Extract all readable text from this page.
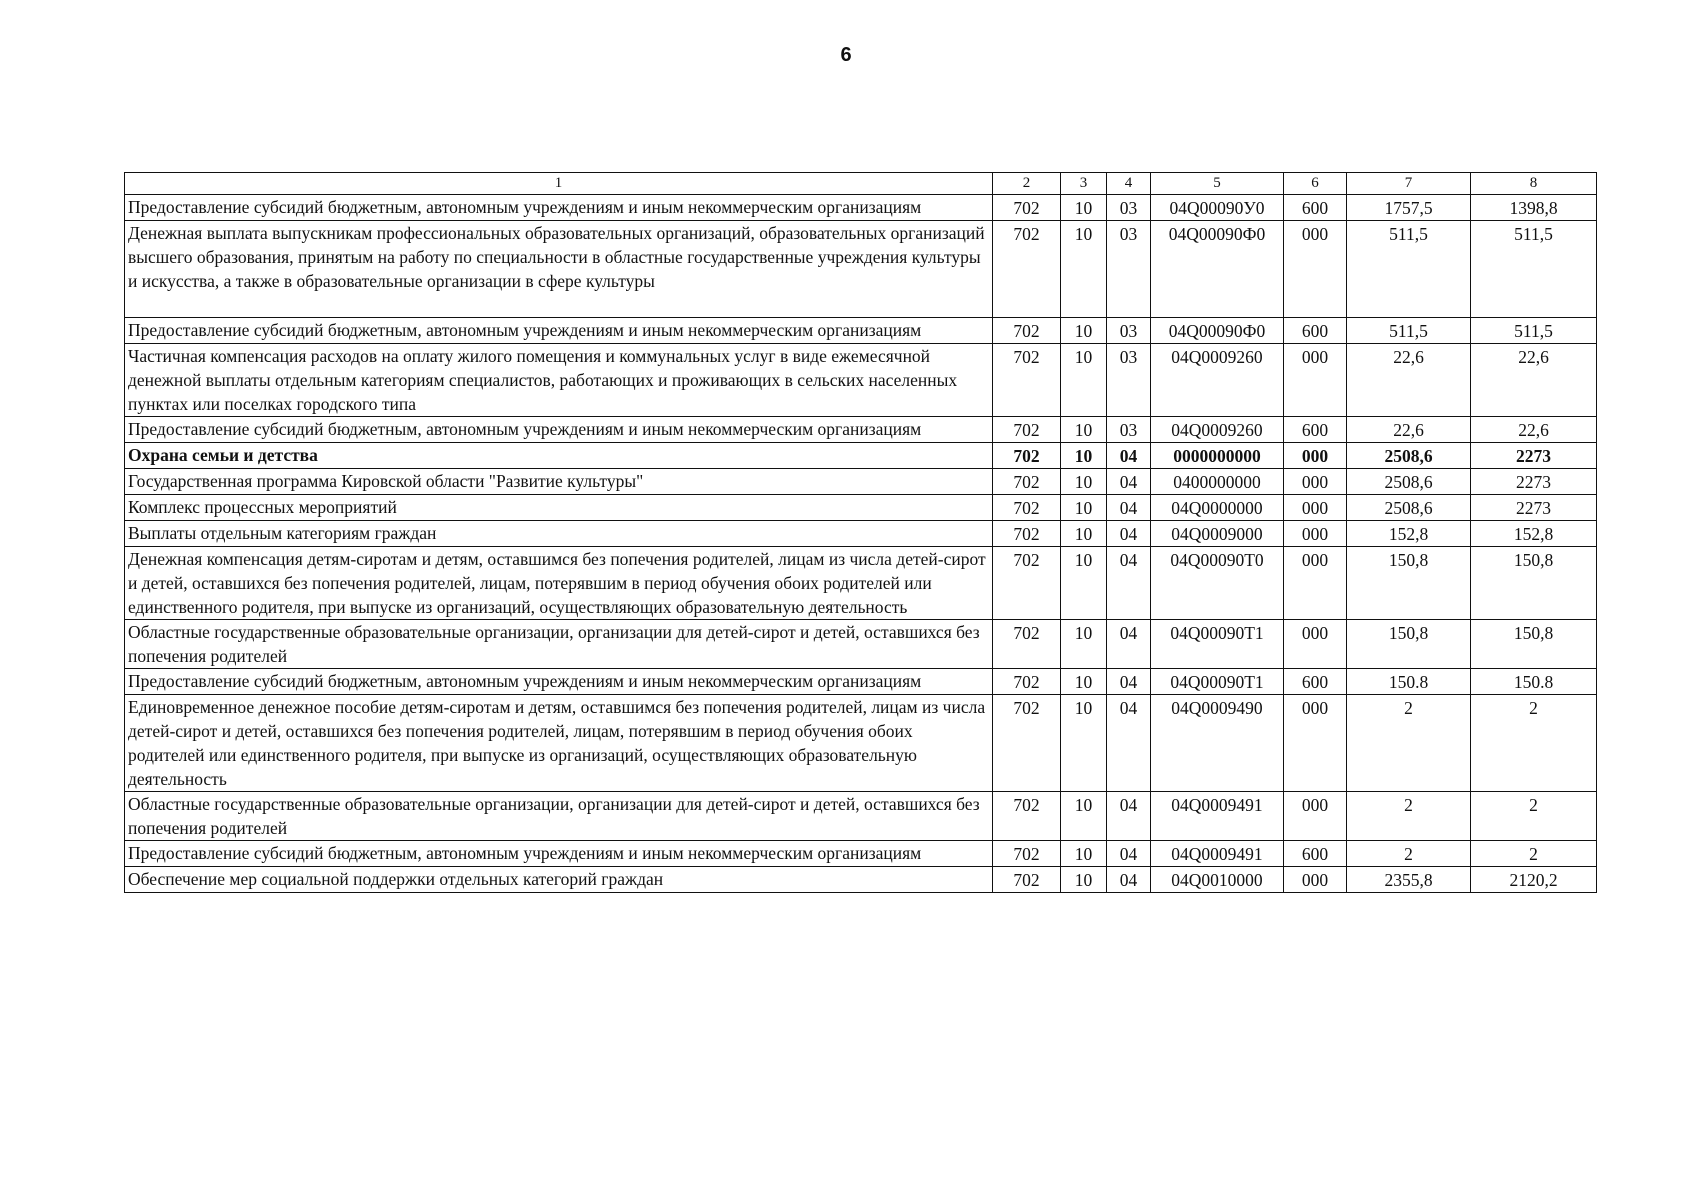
6
1	2	3	4	5	6	7	8
Предоставление субсидий бюджетным, автономным учреждениям и иным некоммерческим организациям	702	10	03	04Q00090У0	600	1757,5	1398,8
Денежная выплата выпускникам профессиональных образовательных организаций, образовательных организаций высшего образования, принятым на работу по специальности в областные государственные учреждения культуры и искусства, а также в образовательные организации в сфере культуры	702	10	03	04Q00090Ф0	000	511,5	511,5
Предоставление субсидий бюджетным, автономным учреждениям и иным некоммерческим организациям	702	10	03	04Q00090Ф0	600	511,5	511,5
Частичная компенсация расходов на оплату жилого помещения и коммунальных услуг в виде ежемесячной денежной выплаты отдельным категориям специалистов, работающих и проживающих в сельских населенных пунктах или поселках городского типа	702	10	03	04Q0009260	000	22,6	22,6
Предоставление субсидий бюджетным, автономным учреждениям и иным некоммерческим организациям	702	10	03	04Q0009260	600	22,6	22,6
Охрана семьи и детства	702	10	04	0000000000	000	2508,6	2273
Государственная программа Кировской области "Развитие культуры"	702	10	04	0400000000	000	2508,6	2273
Комплекс процессных мероприятий	702	10	04	04Q0000000	000	2508,6	2273
Выплаты отдельным категориям граждан	702	10	04	04Q0009000	000	152,8	152,8
Денежная компенсация детям-сиротам и детям, оставшимся без попечения родителей, лицам из числа детей-сирот и детей, оставшихся без попечения родителей, лицам, потерявшим в период обучения обоих родителей или единственного родителя, при выпуске из организаций, осуществляющих образовательную деятельность	702	10	04	04Q00090Т0	000	150,8	150,8
Областные государственные образовательные организации, организации для детей-сирот и детей, оставшихся без попечения родителей	702	10	04	04Q00090Т1	000	150,8	150,8
Предоставление субсидий бюджетным, автономным учреждениям и иным некоммерческим организациям	702	10	04	04Q00090Т1	600	150.8	150.8
Единовременное денежное пособие детям-сиротам и детям, оставшимся без попечения родителей, лицам из числа детей-сирот и детей, оставшихся без попечения родителей, лицам, потерявшим в период обучения обоих родителей или единственного родителя, при выпуске из организаций, осуществляющих образовательную деятельность	702	10	04	04Q0009490	000	2	2
Областные государственные образовательные организации, организации для детей-сирот и детей, оставшихся без попечения родителей	702	10	04	04Q0009491	000	2	2
Предоставление субсидий бюджетным, автономным учреждениям и иным некоммерческим организациям	702	10	04	04Q0009491	600	2	2
Обеспечение мер социальной поддержки отдельных категорий граждан	702	10	04	04Q0010000	000	2355,8	2120,2
